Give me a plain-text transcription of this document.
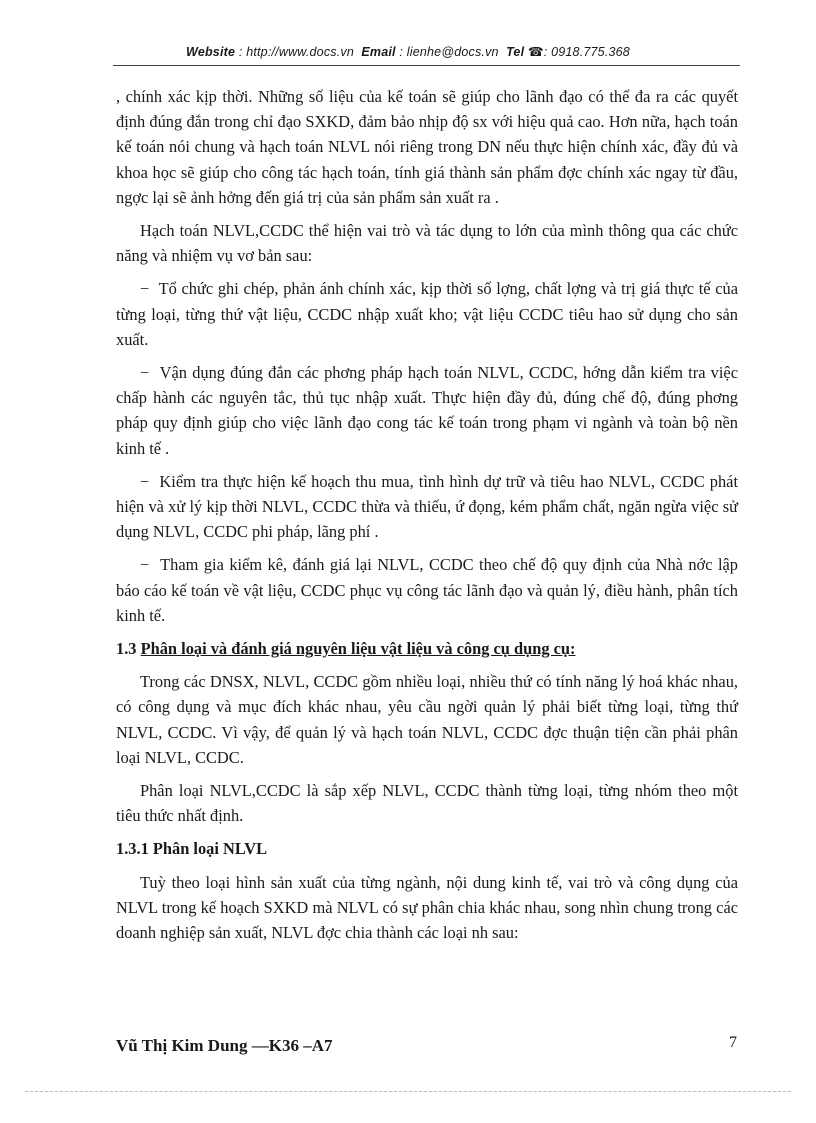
Website : http://www.docs.vn Email : lienhe@docs.vn Tel ☎: 0918.775.368

, chính xác kịp thời. Những số liệu của kế toán sẽ giúp cho lãnh đạo có thể đa ra các quyết định đúng đắn trong chỉ đạo SXKD, đảm bảo nhịp độ sx với hiệu quả cao. Hơn nữa, hạch toán kế toán nói chung và hạch toán NLVL nói riêng trong DN nếu thực hiện chính xác, đầy đủ và khoa học sẽ giúp cho công tác hạch toán, tính giá thành sản phẩm đợc chính xác ngay từ đầu, ngợc lại sẽ ảnh hởng đến giá trị của sản phẩm sản xuất ra .

Hạch toán NLVL,CCDC thể hiện vai trò và tác dụng to lớn của mình thông qua các chức năng và nhiệm vụ vơ bản sau:

−  Tổ chức ghi chép, phản ánh chính xác, kịp thời số lợng, chất lợng và trị giá thực tế của từng loại, từng thứ vật liệu, CCDC nhập xuất kho; vật liệu CCDC tiêu hao sử dụng cho sản xuất.

−  Vận dụng đúng đắn các phơng pháp hạch toán NLVL, CCDC, hớng dẫn kiểm tra việc chấp hành các nguyên tắc, thủ tục nhập xuất. Thực hiện đầy đủ, đúng chế độ, đúng phơng pháp quy định giúp cho việc lãnh đạo cong tác kế toán trong phạm vi ngành và toàn bộ nền kinh tế .

−  Kiểm tra thực hiện kế hoạch thu mua, tình hình dự trữ và tiêu hao NLVL, CCDC phát hiện và xử lý kịp thời NLVL, CCDC thừa và thiếu, ứ đọng, kém phẩm chất, ngăn ngừa việc sử dụng NLVL, CCDC phi pháp, lãng phí .

−  Tham gia kiểm kê, đánh giá lại NLVL, CCDC theo chế độ quy định của Nhà nớc lập báo cáo kế toán về vật liệu, CCDC phục vụ công tác lãnh đạo và quản lý, điều hành, phân tích kinh tế.

1.3 Phân loại và đánh giá nguyên liệu vật liệu và công cụ dụng cụ:

Trong các DNSX, NLVL, CCDC gồm nhiều loại, nhiều thứ có tính năng lý hoá khác nhau, có công dụng và mục đích khác nhau, yêu cầu ngời quản lý phải biết từng loại, từng thứ NLVL, CCDC. Vì vậy, để quản lý và hạch toán NLVL, CCDC đợc thuận tiện cần phải phân loại NLVL, CCDC.

Phân loại NLVL,CCDC là sắp xếp NLVL, CCDC thành từng loại, từng nhóm theo một tiêu thức nhất định.

1.3.1 Phân loại NLVL

Tuỳ theo loại hình sản xuất của từng ngành, nội dung kinh tế, vai trò và công dụng của NLVL trong kế hoạch SXKD mà NLVL có sự phân chia khác nhau, song nhìn chung trong các doanh nghiệp sản xuất, NLVL đợc chia thành các loại nh sau:

Vũ Thị Kim Dung —K36 –A7	7
